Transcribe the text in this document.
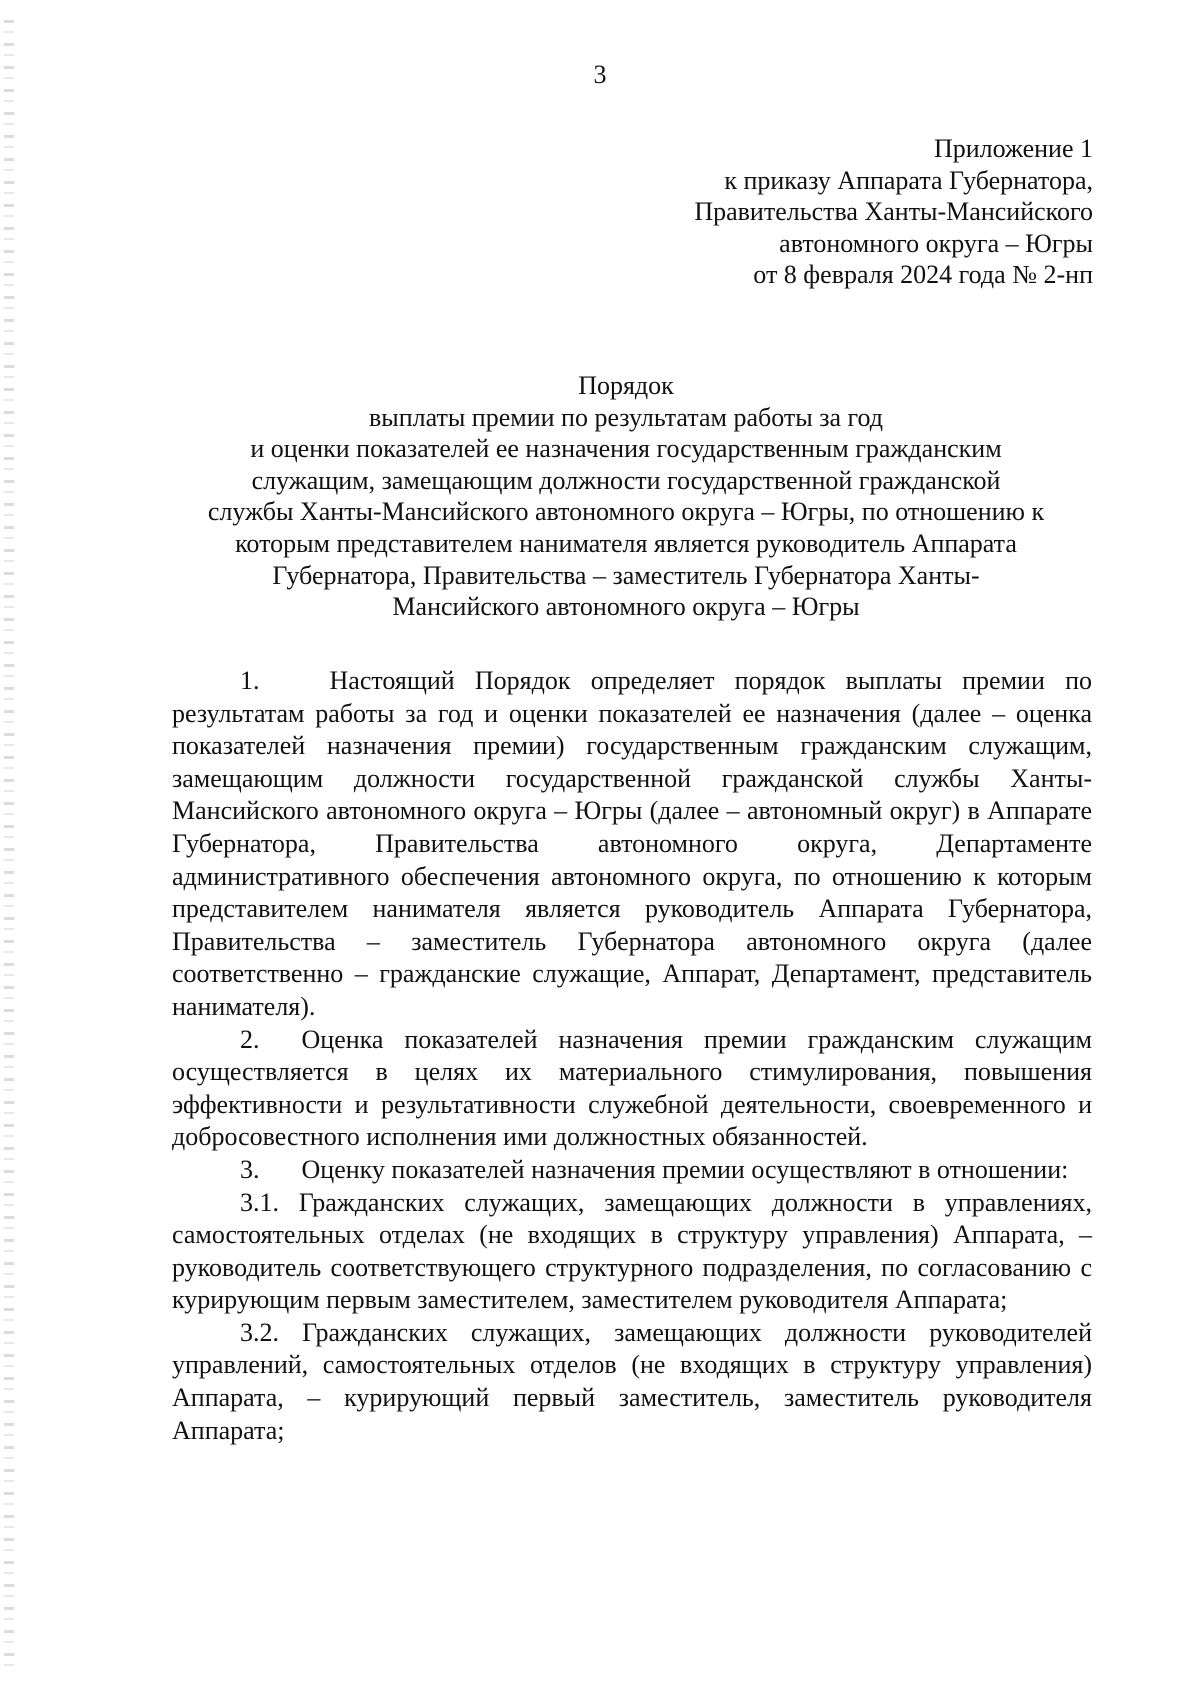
3
Приложение 1
к приказу Аппарата Губернатора,
Правительства Ханты-Мансийского
автономного округа – Югры
от 8 февраля 2024 года № 2-нп
Порядок
выплаты премии по результатам работы за год
и оценки показателей ее назначения государственным гражданским
служащим, замещающим должности государственной гражданской
службы Ханты-Мансийского автономного округа – Югры, по отношению к
которым представителем нанимателя является руководитель Аппарата
Губернатора, Правительства – заместитель Губернатора Ханты-
Мансийского автономного округа – Югры

1.	Настоящий Порядок определяет порядок выплаты премии по результатам работы за год и оценки показателей ее назначения (далее – оценка показателей назначения премии) государственным гражданским служащим, замещающим должности государственной гражданской службы Ханты-Мансийского автономного округа – Югры (далее – автономный округ) в Аппарате Губернатора, Правительства автономного округа, Департаменте административного обеспечения автономного округа, по отношению к которым представителем нанимателя является руководитель Аппарата Губернатора, Правительства – заместитель Губернатора автономного округа (далее соответственно – гражданские служащие, Аппарат, Департамент, представитель нанимателя).

2. Оценка показателей назначения премии гражданским служащим осуществляется в целях их материального стимулирования, повышения эффективности и результативности служебной деятельности, своевременного и добросовестного исполнения ими должностных обязанностей.

3. Оценку показателей назначения премии осуществляют в отношении:

3.1. Гражданских служащих, замещающих должности в управлениях, самостоятельных отделах (не входящих в структуру управления) Аппарата, – руководитель соответствующего структурного подразделения, по согласованию с курирующим первым заместителем, заместителем руководителя Аппарата;

3.2. Гражданских служащих, замещающих должности руководителей управлений, самостоятельных отделов (не входящих в структуру управления) Аппарата, – курирующий первый заместитель, заместитель руководителя Аппарата;
